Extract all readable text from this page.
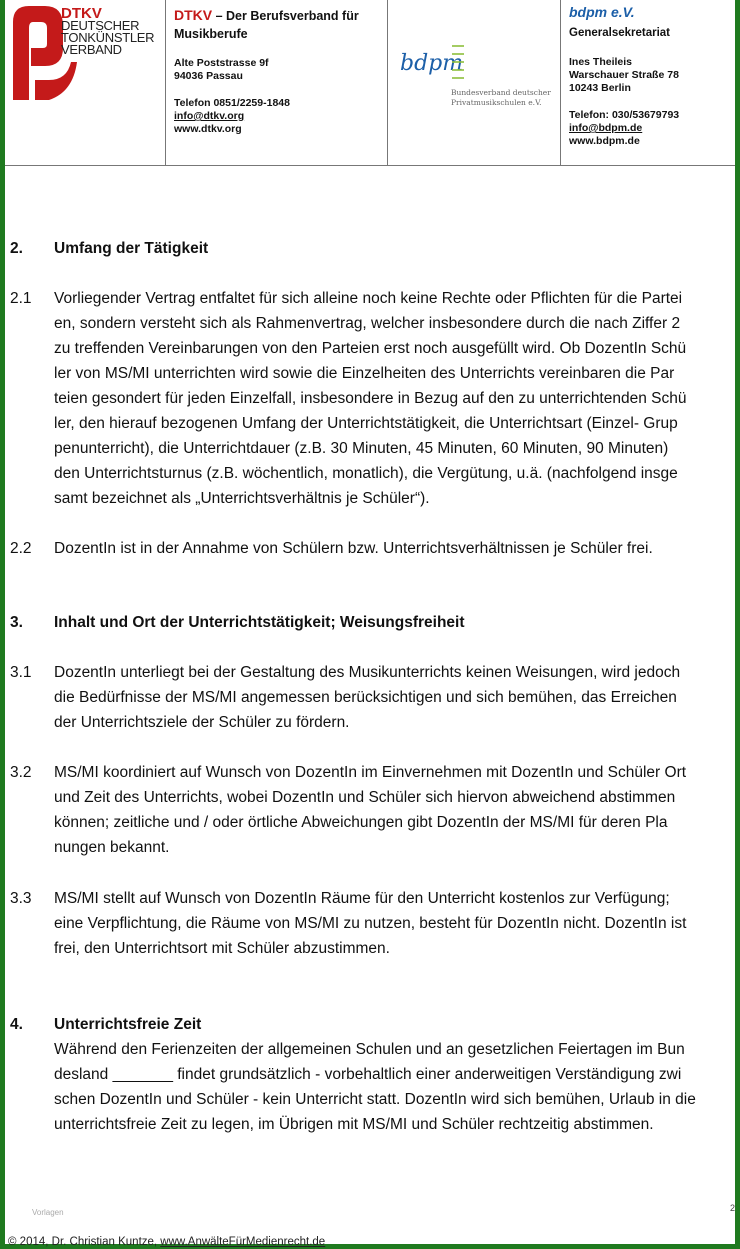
DTKV
DEUTSCHER
TONKÜNSTLER
VERBAND
DTKV – Der Berufsverband für
Musikberufe
Alte Poststrasse 9f
94036 Passau
Telefon 0851/2259-1848
info@dtkv.org
www.dtkv.org
bdpm
Bundesverband deutscher
Privatmusikschulen e.V.
bdpm e.V.
Generalsekretariat
Ines Theileis
Warschauer Straße 78
10243 Berlin
Telefon: 030/53679793
info@bdpm.de
www.bdpm.de
2. Umfang der Tätigkeit
2.1 Vorliegender Vertrag entfaltet für sich alleine noch keine Rechte oder Pflichten für die Partei
en, sondern versteht sich als Rahmenvertrag, welcher insbesondere durch die nach Ziffer 2
zu treffenden Vereinbarungen von den Parteien erst noch ausgefüllt wird. Ob DozentIn Schü
ler von MS/MI unterrichten wird sowie die Einzelheiten des Unterrichts vereinbaren die Par
teien gesondert für jeden Einzelfall, insbesondere in Bezug auf den zu unterrichtenden Schü
ler, den hierauf bezogenen Umfang der Unterrichtstätigkeit, die Unterrichtsart (Einzel- Grup
penunterricht), die Unterrichtdauer (z.B. 30 Minuten, 45 Minuten, 60 Minuten, 90 Minuten)
den Unterrichtsturnus (z.B. wöchentlich, monatlich), die Vergütung, u.ä. (nachfolgend insge
samt bezeichnet als „Unterrichtsverhältnis je Schüler“).
2.2 DozentIn ist in der Annahme von Schülern bzw. Unterrichtsverhältnissen je Schüler frei.
3. Inhalt und Ort der Unterrichtstätigkeit; Weisungsfreiheit
3.1 DozentIn unterliegt bei der Gestaltung des Musikunterrichts keinen Weisungen, wird jedoch
die Bedürfnisse der MS/MI angemessen berücksichtigen und sich bemühen, das Erreichen
der Unterrichtsziele der Schüler zu fördern.
3.2 MS/MI koordiniert auf Wunsch von DozentIn im Einvernehmen mit DozentIn und Schüler Ort
und Zeit des Unterrichts, wobei DozentIn und Schüler sich hiervon abweichend abstimmen
können; zeitliche und / oder örtliche Abweichungen gibt DozentIn der MS/MI für deren Pla
nungen bekannt.
3.3 MS/MI stellt auf Wunsch von DozentIn Räume für den Unterricht kostenlos zur Verfügung;
eine Verpflichtung, die Räume von MS/MI zu nutzen, besteht für DozentIn nicht. DozentIn ist
frei, den Unterrichtsort mit Schüler abzustimmen.
4. Unterrichtsfreie Zeit
Während den Ferienzeiten der allgemeinen Schulen und an gesetzlichen Feiertagen im Bun
desland _______ findet grundsätzlich - vorbehaltlich einer anderweitigen Verständigung zwi
schen DozentIn und Schüler - kein Unterricht statt. DozentIn wird sich bemühen, Urlaub in die
unterrichtsfreie Zeit zu legen, im Übrigen mit MS/MI und Schüler rechtzeitig abstimmen.
Vorlagen	2
© 2014, Dr. Christian Kuntze, www.AnwälteFürMedienrecht.de
